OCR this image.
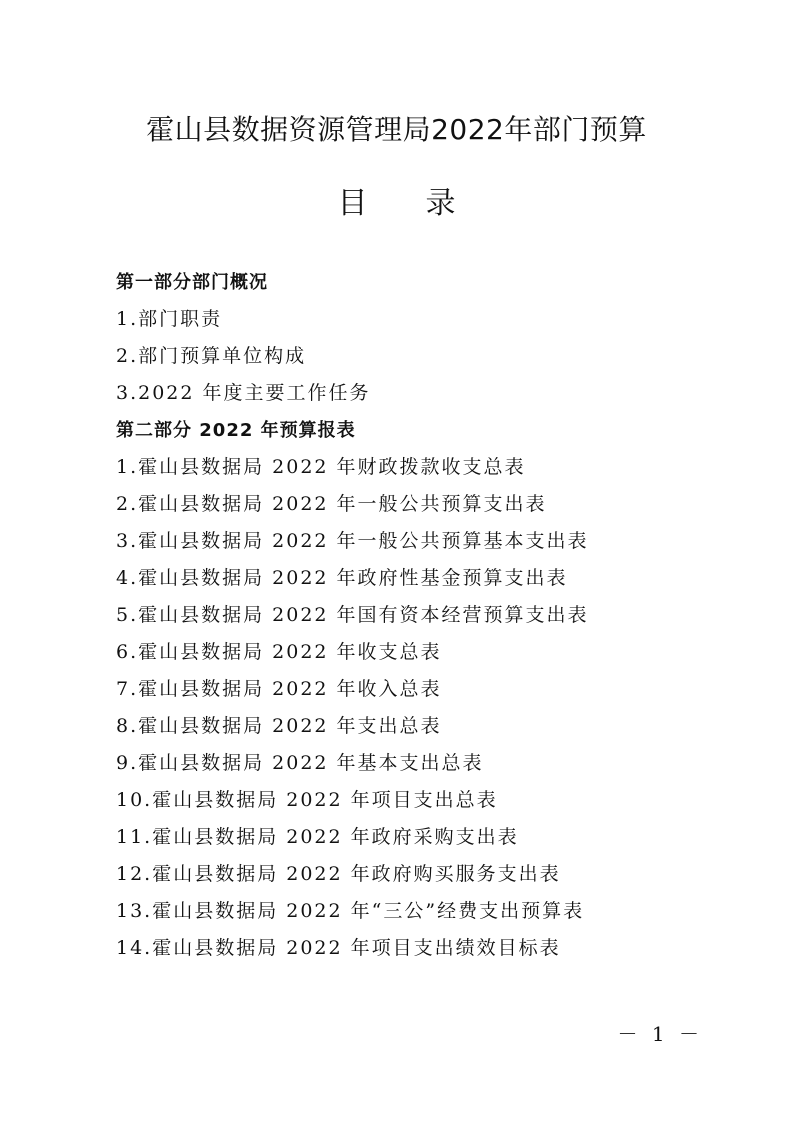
霍山县数据资源管理局2022年部门预算
目录
第一部分部门概况
1.部门职责
2.部门预算单位构成
3.2022 年度主要工作任务
第二部分 2022 年预算报表
1.霍山县数据局 2022 年财政拨款收支总表
2.霍山县数据局 2022 年一般公共预算支出表
3.霍山县数据局 2022 年一般公共预算基本支出表
4.霍山县数据局 2022 年政府性基金预算支出表
5.霍山县数据局 2022 年国有资本经营预算支出表
6.霍山县数据局 2022 年收支总表
7.霍山县数据局 2022 年收入总表
8.霍山县数据局 2022 年支出总表
9.霍山县数据局 2022 年基本支出总表
10.霍山县数据局 2022 年项目支出总表
11.霍山县数据局 2022 年政府采购支出表
12.霍山县数据局 2022 年政府购买服务支出表
13.霍山县数据局 2022 年“三公”经费支出预算表
14.霍山县数据局 2022 年项目支出绩效目标表
－ 1 －
